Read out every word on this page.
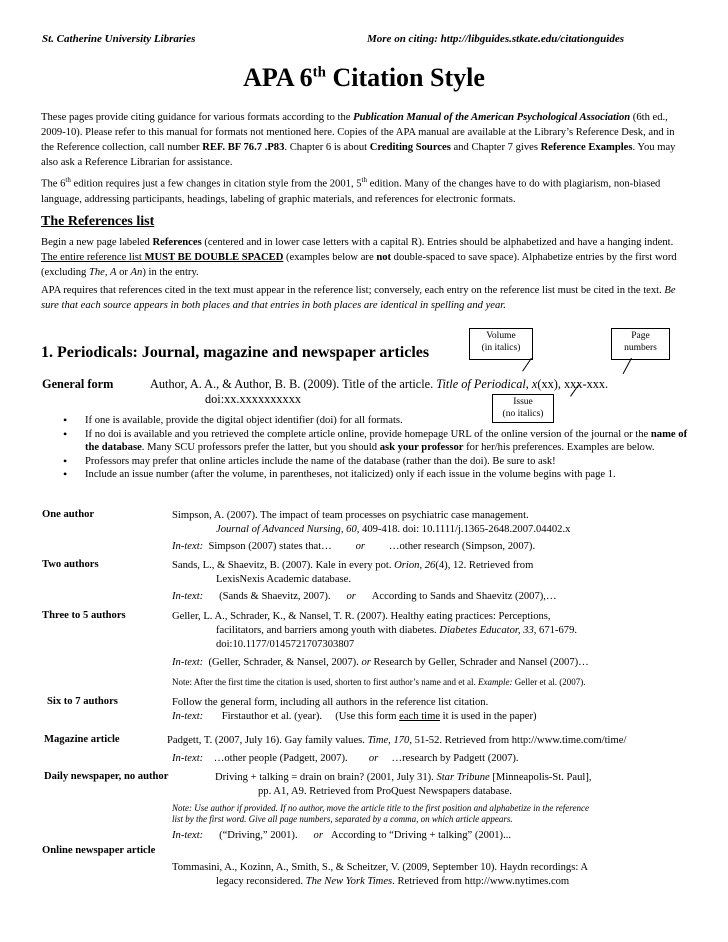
St. Catherine University Libraries	More on citing: http://libguides.stkate.edu/citationguides
APA 6th Citation Style

These pages provide citing guidance for various formats according to the Publication Manual of the American Psychological Association (6th ed., 2009-10). Please refer to this manual for formats not mentioned here. Copies of the APA manual are available at the Library’s Reference Desk, and in the Reference collection, call number REF. BF 76.7 .P83. Chapter 6 is about Crediting Sources and Chapter 7 gives Reference Examples. You may also ask a Reference Librarian for assistance.

The 6th edition requires just a few changes in citation style from the 2001, 5th edition. Many of the changes have to do with plagiarism, non-biased language, addressing participants, headings, labeling of graphic materials, and references for electronic formats.

The References list

Begin a new page labeled References (centered and in lower case letters with a capital R). Entries should be alphabetized and have a hanging indent. The entire reference list MUST BE DOUBLE SPACED (examples below are not double-spaced to save space). Alphabetize entries by the first word (excluding The, A or An) in the entry.

APA requires that references cited in the text must appear in the reference list; conversely, each entry on the reference list must be cited in the text. Be sure that each source appears in both places and that entries in both places are identical in spelling and year.

1. Periodicals: Journal, magazine and newspaper articles
Volume
(in italics)
Page
numbers
Issue
(no italics)
General form	Author, A. A., & Author, B. B. (2009). Title of the article. Title of Periodical, x(xx), xxx-xxx.
doi:xx.xxxxxxxxxx
• If one is available, provide the digital object identifier (doi) for all formats.
• If no doi is available and you retrieved the complete article online, provide homepage URL of the online version of the journal or the name of the database. Many SCU professors prefer the latter, but you should ask your professor for her/his preferences. Examples are below.
• Professors may prefer that online articles include the name of the database (rather than the doi). Be sure to ask!
• Include an issue number (after the volume, in parentheses, not italicized) only if each issue in the volume begins with page 1.
One author	Simpson, A. (2007). The impact of team processes on psychiatric case management.
Journal of Advanced Nursing, 60, 409-418. doi: 10.1111/j.1365-2648.2007.04402.x
In-text: Simpson (2007) states that… or …other research (Simpson, 2007).
Two authors	Sands, L., & Shaevitz, B. (2007). Kale in every pot. Orion, 26(4), 12. Retrieved from
LexisNexis Academic database.
In-text: (Sands & Shaevitz, 2007). or According to Sands and Shaevitz (2007),…
Three to 5 authors	Geller, L. A., Schrader, K., & Nansel, T. R. (2007). Healthy eating practices: Perceptions,
facilitators, and barriers among youth with diabetes. Diabetes Educator, 33, 671-679.
doi:10.1177/0145721707303807
In-text: (Geller, Schrader, & Nansel, 2007). or Research by Geller, Schrader and Nansel (2007)…
Note: After the first time the citation is used, shorten to first author’s name and et al. Example: Geller et al. (2007).
Six to 7 authors	Follow the general form, including all authors in the reference list citation.
In-text: Firstauthor et al. (year). (Use this form each time it is used in the paper)
Magazine article	Padgett, T. (2007, July 16). Gay family values. Time, 170, 51-52. Retrieved from http://www.time.com/time/
In-text: …other people (Padgett, 2007). or …research by Padgett (2007).
Daily newspaper, no author	Driving + talking = drain on brain? (2001, July 31). Star Tribune [Minneapolis-St. Paul],
pp. A1, A9. Retrieved from ProQuest Newspapers database.
Note: Use author if provided. If no author, move the article title to the first position and alphabetize in the reference
list by the first word. Give all page numbers, separated by a comma, on which article appears.
In-text: (“Driving,” 2001). or According to “Driving + talking” (2001)...
Online newspaper article
Tommasini, A., Kozinn, A., Smith, S., & Scheitzer, V. (2009, September 10). Haydn recordings: A
legacy reconsidered. The New York Times. Retrieved from http://www.nytimes.com
